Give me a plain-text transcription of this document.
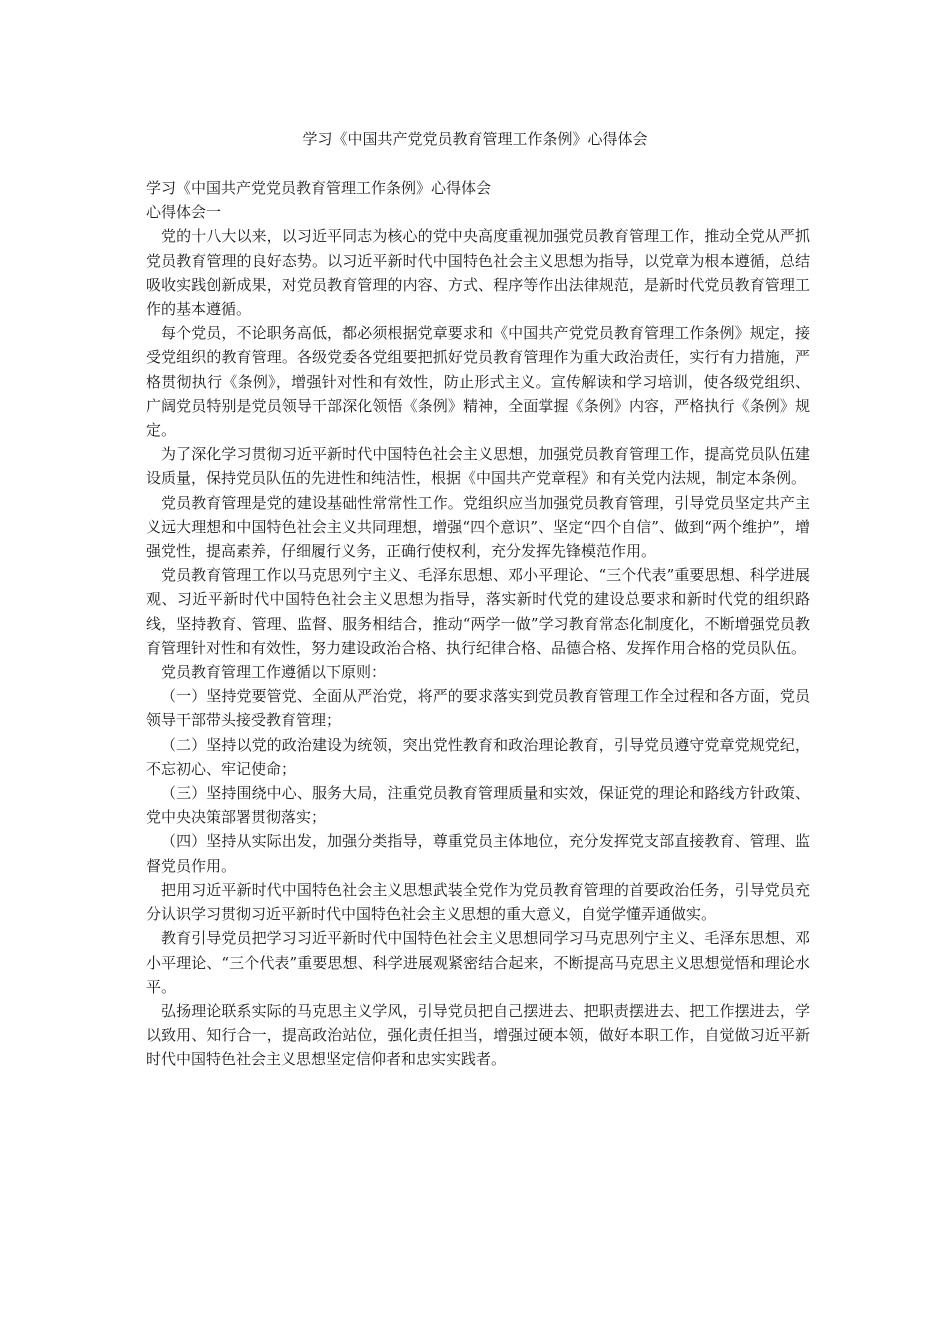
学习《中国共产党党员教育管理工作条例》心得体会

学习《中国共产党党员教育管理工作条例》心得体会

心得体会一

党的十八大以来，以习近平同志为核心的党中央高度重视加强党员教育管理工作，推动全党从严抓党员教育管理的良好态势。以习近平新时代中国特色社会主义思想为指导，以党章为根本遵循，总结吸收实践创新成果，对党员教育管理的内容、方式、程序等作出法律规范，是新时代党员教育管理工作的基本遵循。

每个党员，不论职务高低，都必须根据党章要求和《中国共产党党员教育管理工作条例》规定，接受党组织的教育管理。各级党委各党组要把抓好党员教育管理作为重大政治责任，实行有力措施，严格贯彻执行《条例》，增强针对性和有效性，防止形式主义。宣传解读和学习培训，使各级党组织、广阔党员特别是党员领导干部深化领悟《条例》精神，全面掌握《条例》内容，严格执行《条例》规定。

为了深化学习贯彻习近平新时代中国特色社会主义思想，加强党员教育管理工作，提高党员队伍建设质量，保持党员队伍的先进性和纯洁性，根据《中国共产党章程》和有关党内法规，制定本条例。

党员教育管理是党的建设基础性常常性工作。党组织应当加强党员教育管理，引导党员坚定共产主义远大理想和中国特色社会主义共同理想，增强“四个意识”、坚定“四个自信”、做到“两个维护”，增强党性，提高素养，仔细履行义务，正确行使权利，充分发挥先锋模范作用。

党员教育管理工作以马克思列宁主义、毛泽东思想、邓小平理论、“三个代表”重要思想、科学进展观、习近平新时代中国特色社会主义思想为指导，落实新时代党的建设总要求和新时代党的组织路线，坚持教育、管理、监督、服务相结合，推动“两学一做”学习教育常态化制度化，不断增强党员教育管理针对性和有效性，努力建设政治合格、执行纪律合格、品德合格、发挥作用合格的党员队伍。

党员教育管理工作遵循以下原则：

（一）坚持党要管党、全面从严治党，将严的要求落实到党员教育管理工作全过程和各方面，党员领导干部带头接受教育管理；

（二）坚持以党的政治建设为统领，突出党性教育和政治理论教育，引导党员遵守党章党规党纪，不忘初心、牢记使命；

（三）坚持围绕中心、服务大局，注重党员教育管理质量和实效，保证党的理论和路线方针政策、党中央决策部署贯彻落实；

（四）坚持从实际出发，加强分类指导，尊重党员主体地位，充分发挥党支部直接教育、管理、监督党员作用。

把用习近平新时代中国特色社会主义思想武装全党作为党员教育管理的首要政治任务，引导党员充分认识学习贯彻习近平新时代中国特色社会主义思想的重大意义，自觉学懂弄通做实。

教育引导党员把学习习近平新时代中国特色社会主义思想同学习马克思列宁主义、毛泽东思想、邓小平理论、“三个代表”重要思想、科学进展观紧密结合起来，不断提高马克思主义思想觉悟和理论水平。

弘扬理论联系实际的马克思主义学风，引导党员把自己摆进去、把职责摆进去、把工作摆进去，学以致用、知行合一，提高政治站位，强化责任担当，增强过硬本领，做好本职工作，自觉做习近平新时代中国特色社会主义思想坚定信仰者和忠实实践者。
